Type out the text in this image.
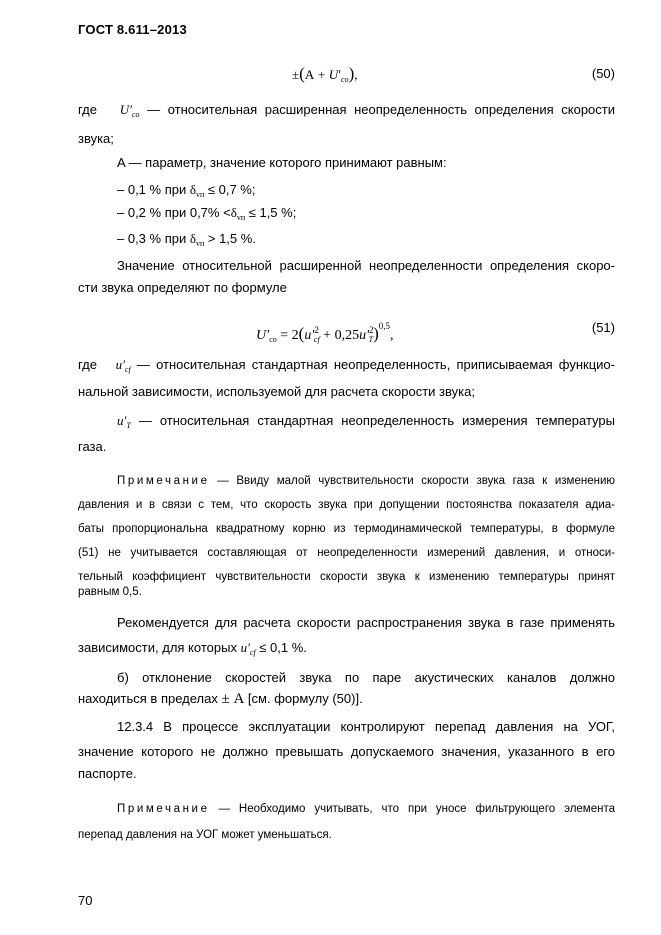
ГОСТ 8.611–2013
$\pm(A + U'_{co})$,	(50)
где $U'_{co}$ — относительная расширенная неопределенность определения скорости
звука;
A — параметр, значение которого принимают равным:
– 0,1 % при $\delta_{vп} \le 0,7$ %;
– 0,2 % при $0,7\% <\delta_{vп} \le 1,5$ %;
– 0,3 % при $\delta_{vп} > 1,5$ %.
Значение относительной расширенной неопределенности определения скоро-
сти звука определяют по формуле
$U'_{co} = 2(u'^2_{cf} + 0,25u'^2_T)^{0,5}$,
(51)
где $u'_{cf}$ — относительная стандартная неопределенность, приписываемая функцио-
нальной зависимости, используемой для расчета скорости звука;
$u'_T$ — относительная стандартная неопределенность измерения температуры
газа.
Примечание — Ввиду малой чувствительности скорости звука газа к изменению
давления и в связи с тем, что скорость звука при допущении постоянства показателя адиа-
баты пропорциональна квадратному корню из термодинамической температуры, в формуле
(51) не учитывается составляющая от неопределенности измерений давления, и относи-
тельный коэффициент чувствительности скорости звука к изменению температуры принят
равным 0,5.
Рекомендуется для расчета скорости распространения звука в газе применять
зависимости, для которых $u'_{cf} \le 0,1$ %.
б) отклонение скоростей звука по паре акустических каналов должно
находиться в пределах ± A [см. формулу (50)].
12.3.4 В процессе эксплуатации контролируют перепад давления на УОГ,
значение которого не должно превышать допускаемого значения, указанного в его
паспорте.
Примечание — Необходимо учитывать, что при уносе фильтрующего элемента
перепад давления на УОГ может уменьшаться.
70
